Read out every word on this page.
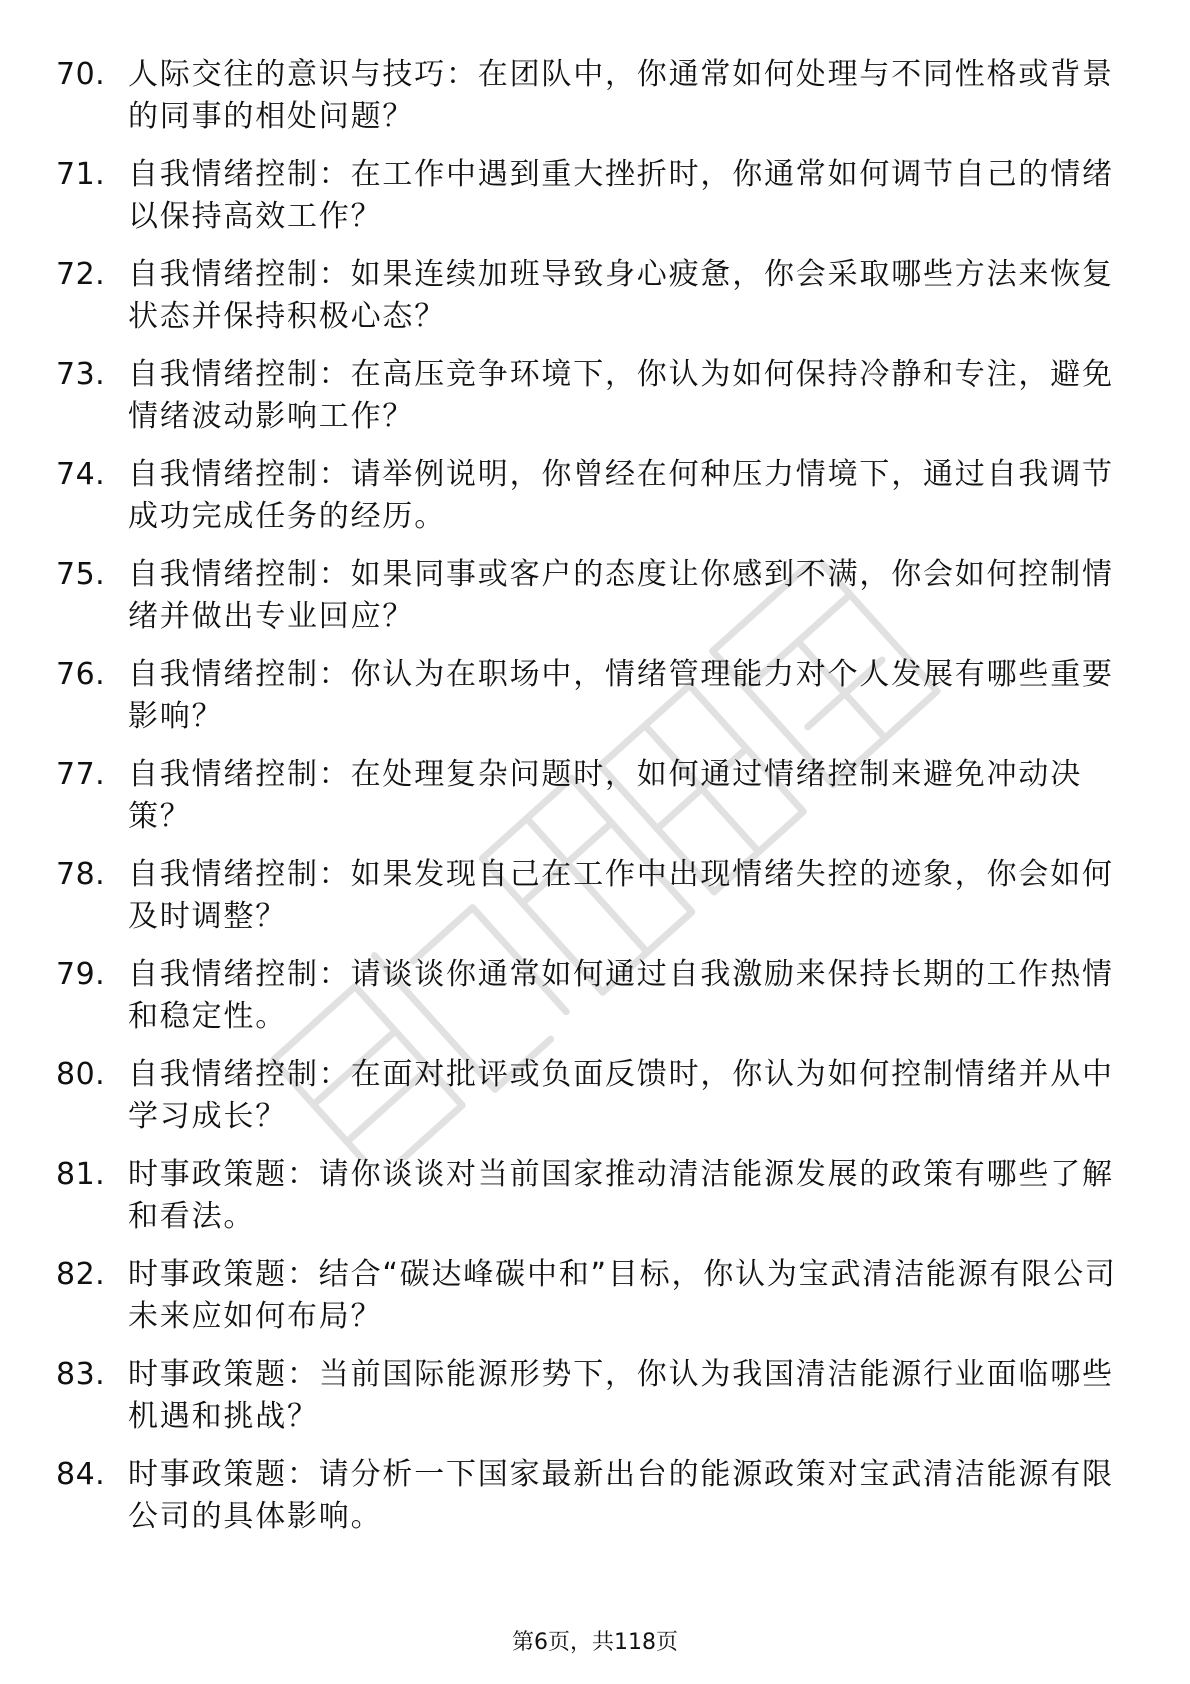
70. 人际交往的意识与技巧：在团队中，你通常如何处理与不同性格或背景的同事的相处问题？
71. 自我情绪控制：在工作中遇到重大挫折时，你通常如何调节自己的情绪以保持高效工作？
72. 自我情绪控制：如果连续加班导致身心疲惫，你会采取哪些方法来恢复状态并保持积极心态？
73. 自我情绪控制：在高压竞争环境下，你认为如何保持冷静和专注，避免情绪波动影响工作？
74. 自我情绪控制：请举例说明，你曾经在何种压力情境下，通过自我调节成功完成任务的经历。
75. 自我情绪控制：如果同事或客户的态度让你感到不满，你会如何控制情绪并做出专业回应？
76. 自我情绪控制：你认为在职场中，情绪管理能力对个人发展有哪些重要影响？
77. 自我情绪控制：在处理复杂问题时，如何通过情绪控制来避免冲动决策？
78. 自我情绪控制：如果发现自己在工作中出现情绪失控的迹象，你会如何及时调整？
79. 自我情绪控制：请谈谈你通常如何通过自我激励来保持长期的工作热情和稳定性。
80. 自我情绪控制：在面对批评或负面反馈时，你认为如何控制情绪并从中学习成长？
81. 时事政策题：请你谈谈对当前国家推动清洁能源发展的政策有哪些了解和看法。
82. 时事政策题：结合“碳达峰碳中和”目标，你认为宝武清洁能源有限公司未来应如何布局？
83. 时事政策题：当前国际能源形势下，你认为我国清洁能源行业面临哪些机遇和挑战？
84. 时事政策题：请分析一下国家最新出台的能源政策对宝武清洁能源有限公司的具体影响。
第6页，共118页
